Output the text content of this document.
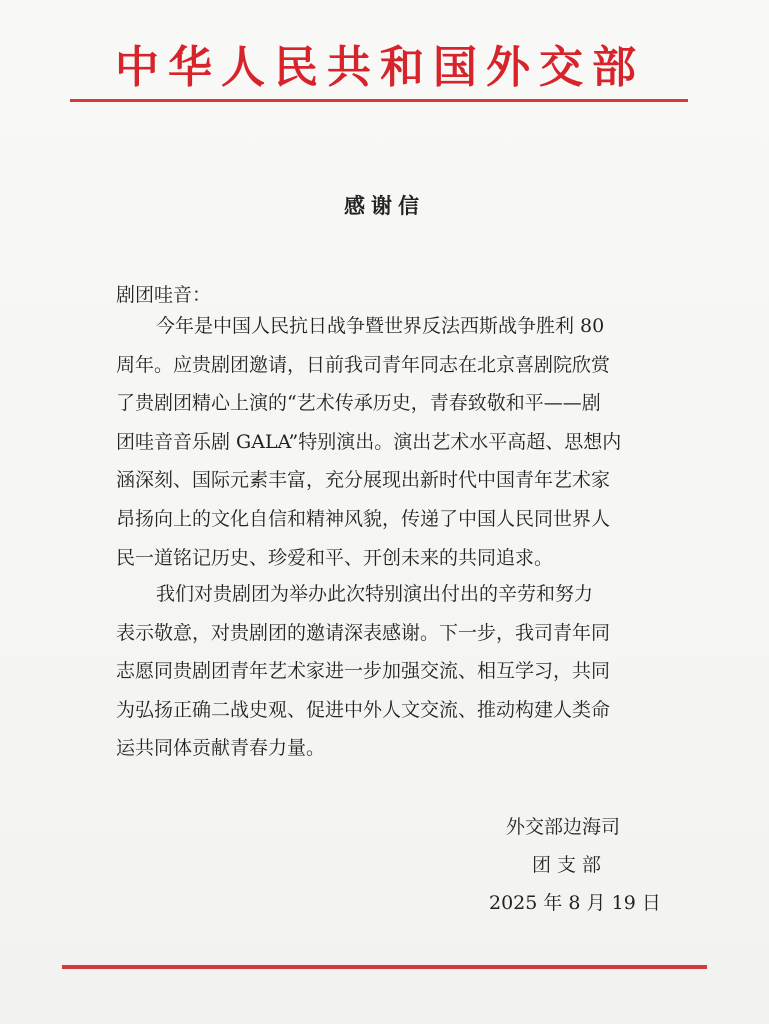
中华人民共和国外交部
感谢信
剧团哇音：
今年是中国人民抗日战争暨世界反法西斯战争胜利 80
周年。应贵剧团邀请，日前我司青年同志在北京喜剧院欣赏
了贵剧团精心上演的“艺术传承历史，青春致敬和平——剧
团哇音音乐剧 GALA”特别演出。演出艺术水平高超、思想内
涵深刻、国际元素丰富，充分展现出新时代中国青年艺术家
昂扬向上的文化自信和精神风貌，传递了中国人民同世界人
民一道铭记历史、珍爱和平、开创未来的共同追求。
我们对贵剧团为举办此次特别演出付出的辛劳和努力
表示敬意，对贵剧团的邀请深表感谢。下一步，我司青年同
志愿同贵剧团青年艺术家进一步加强交流、相互学习，共同
为弘扬正确二战史观、促进中外人文交流、推动构建人类命
运共同体贡献青春力量。
外交部边海司
团支部
2025 年 8 月 19 日
